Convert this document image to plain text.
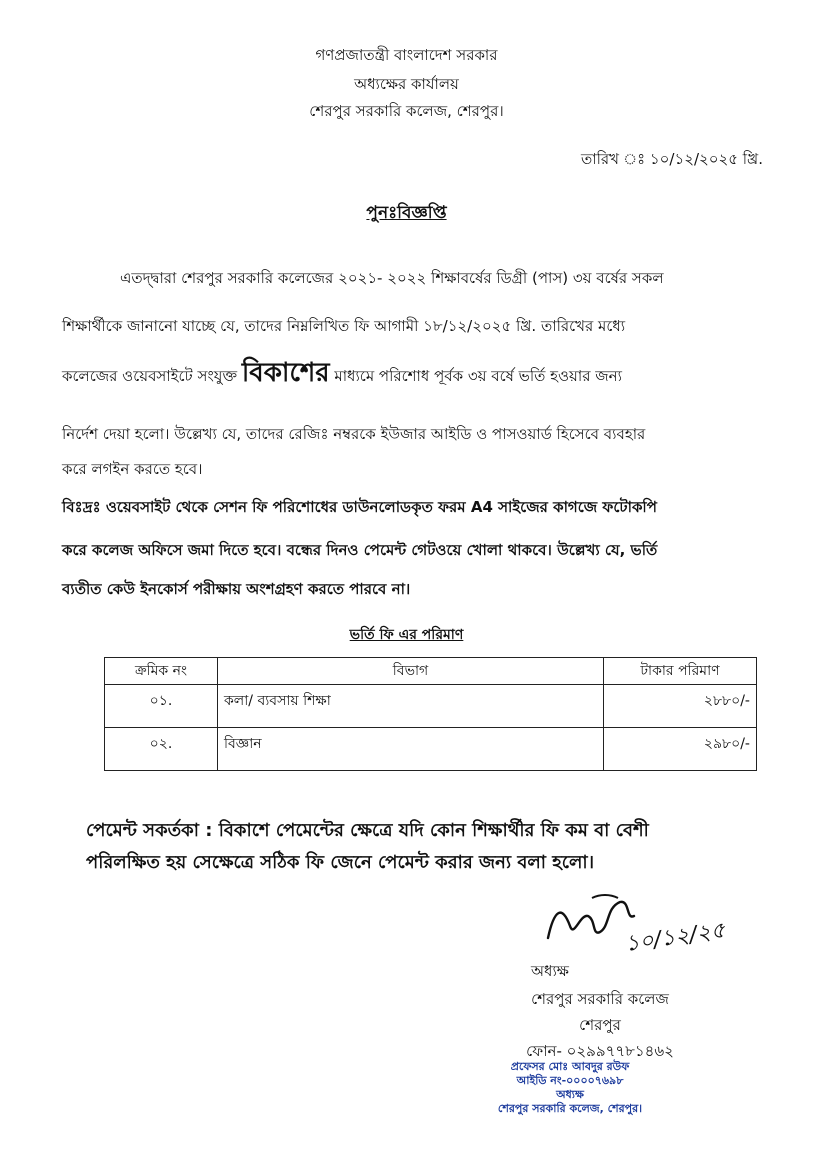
গণপ্রজাতন্ত্রী বাংলাদেশ সরকার
অধ্যক্ষের কার্যালয়
শেরপুর সরকারি কলেজ, শেরপুর।
তারিখ ঃ ১০/১২/২০২৫ খ্রি.
পুনঃবিজ্ঞপ্তি
এতদ্দ্বারা শেরপুর সরকারি কলেজের ২০২১- ২০২২ শিক্ষাবর্ষের ডিগ্রী (পাস) ৩য় বর্ষের সকল
শিক্ষার্থীকে জানানো যাচ্ছে যে, তাদের নিম্নলিখিত ফি আগামী ১৮/১২/২০২৫ খ্রি. তারিখের মধ্যে
কলেজের ওয়েবসাইটে সংযুক্ত বিকাশের মাধ্যমে পরিশোধ পূর্বক ৩য় বর্ষে ভর্তি হওয়ার জন্য
নির্দেশ দেয়া হলো। উল্লেখ্য যে, তাদের রেজিঃ নম্বরকে ইউজার আইডি ও পাসওয়ার্ড হিসেবে ব্যবহার
করে লগইন করতে হবে।
বিঃদ্রঃ ওয়েবসাইট থেকে সেশন ফি পরিশোধের ডাউনলোডকৃত ফরম A4 সাইজের কাগজে ফটোকপি
করে কলেজ অফিসে জমা দিতে হবে। বন্ধের দিনও পেমেন্ট গেটওয়ে খোলা থাকবে। উল্লেখ্য যে, ভর্তি
ব্যতীত কেউ ইনকোর্স পরীক্ষায় অংশগ্রহণ করতে পারবে না।
ভর্তি ফি এর পরিমাণ
ক্রমিক নং	বিভাগ	টাকার পরিমাণ
০১.	কলা/ ব্যবসায় শিক্ষা	২৮৮০/-
০২.	বিজ্ঞান	২৯৮০/-
পেমেন্ট সকর্তকা : বিকাশে পেমেন্টের ক্ষেত্রে যদি কোন শিক্ষার্থীর ফি কম বা বেশী
পরিলক্ষিত হয় সেক্ষেত্রে সঠিক ফি জেনে পেমেন্ট করার জন্য বলা হলো।
১০/১২/২৫
অধ্যক্ষ
শেরপুর সরকারি কলেজ
শেরপুর
ফোন- ০২৯৯৭৭৮১৪৬২
প্রফেসর মোঃ আবদুর রউফ
আইডি নং-০০০০৭৬৯৮
অধ্যক্ষ
শেরপুর সরকারি কলেজ, শেরপুর।
